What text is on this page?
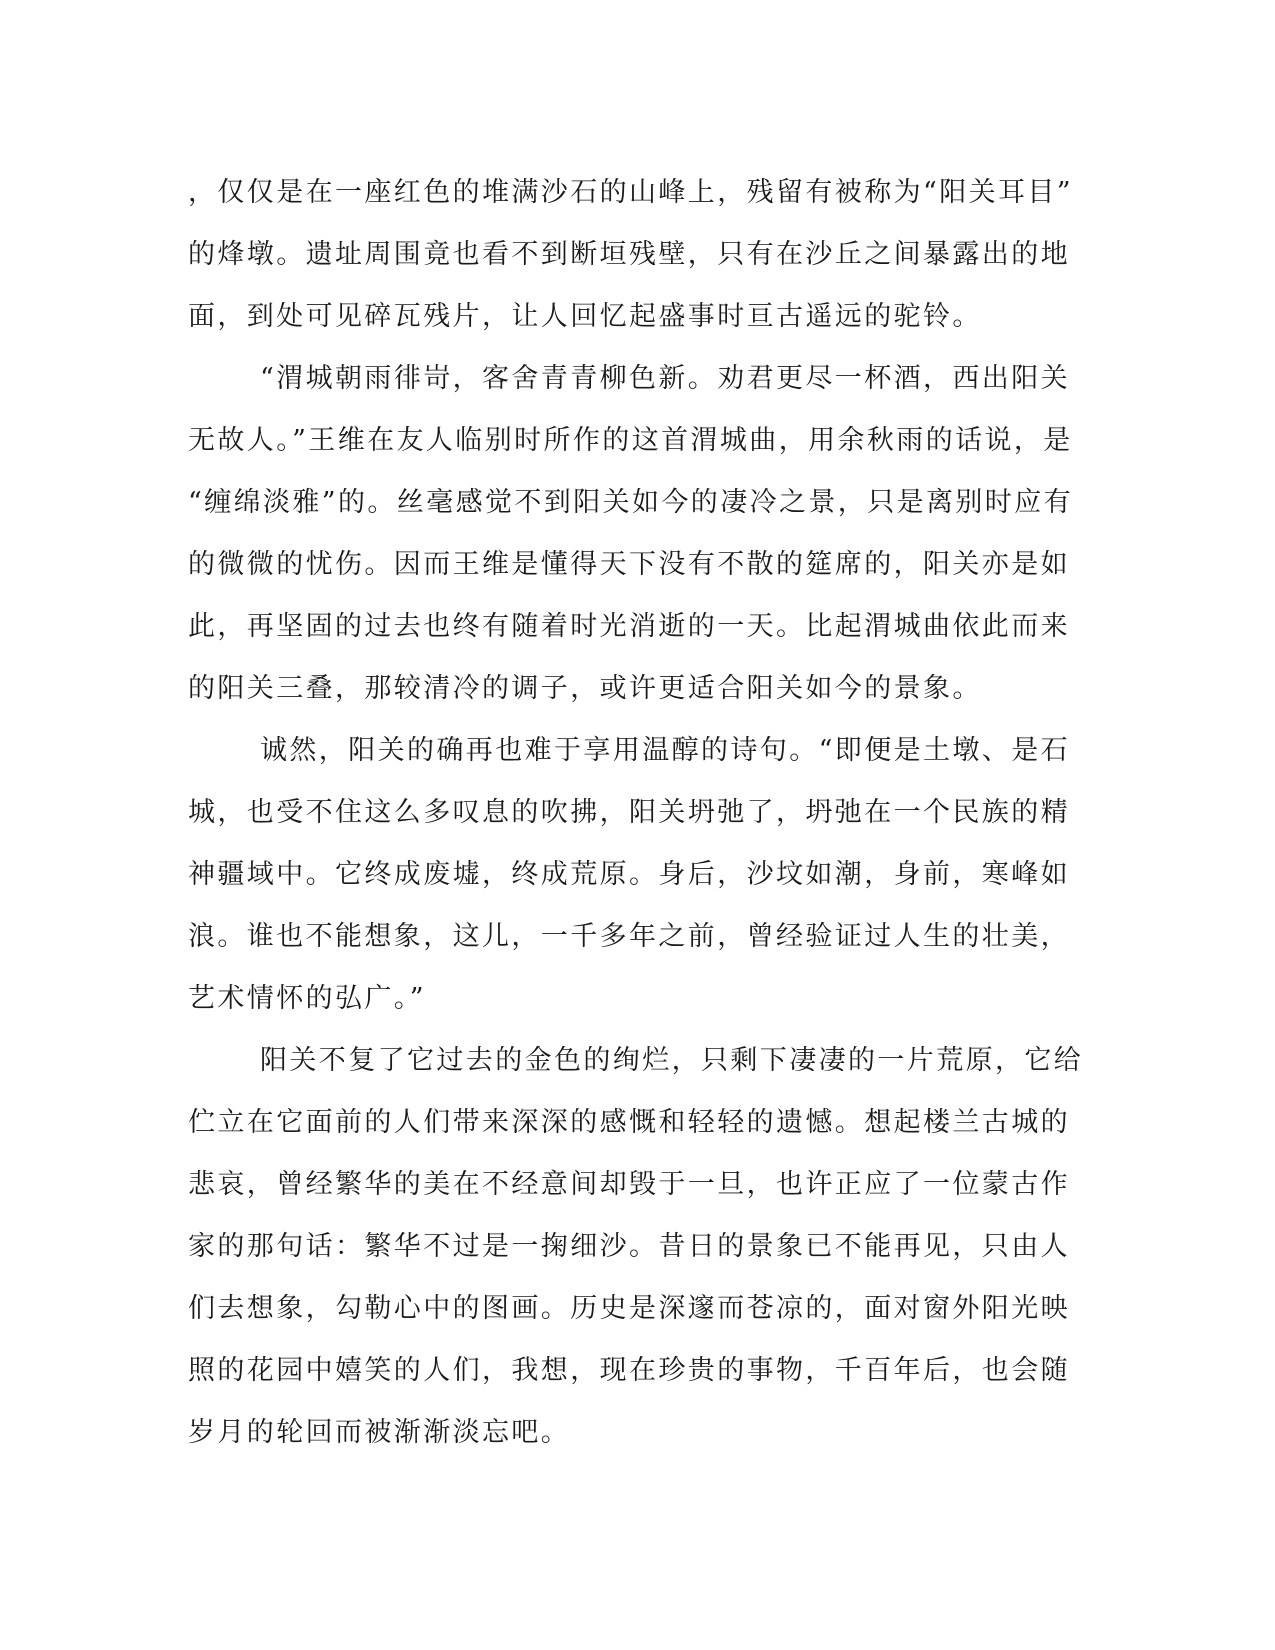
，仅仅是在一座红色的堆满沙石的山峰上，残留有被称为“阳关耳目”
的烽墩。遗址周围竟也看不到断垣残壁，只有在沙丘之间暴露出的地
面，到处可见碎瓦残片，让人回忆起盛事时亘古遥远的驼铃。
“渭城朝雨徘岢，客舍青青柳色新。劝君更尽一杯酒，西出阳关
无故人。”王维在友人临别时所作的这首渭城曲，用余秋雨的话说，是
“缠绵淡雅”的。丝毫感觉不到阳关如今的凄冷之景，只是离别时应有
的微微的忧伤。因而王维是懂得天下没有不散的筵席的，阳关亦是如
此，再坚固的过去也终有随着时光消逝的一天。比起渭城曲依此而来
的阳关三叠，那较清冷的调子，或许更适合阳关如今的景象。
诚然，阳关的确再也难于享用温醇的诗句。“即便是土墩、是石
城，也受不住这么多叹息的吹拂，阳关坍弛了，坍弛在一个民族的精
神疆域中。它终成废墟，终成荒原。身后，沙坟如潮，身前，寒峰如
浪。谁也不能想象，这儿，一千多年之前，曾经验证过人生的壮美，
艺术情怀的弘广。”
阳关不复了它过去的金色的绚烂，只剩下凄凄的一片荒原，它给
伫立在它面前的人们带来深深的感慨和轻轻的遗憾。想起楼兰古城的
悲哀，曾经繁华的美在不经意间却毁于一旦，也许正应了一位蒙古作
家的那句话：繁华不过是一掬细沙。昔日的景象已不能再见，只由人
们去想象，勾勒心中的图画。历史是深邃而苍凉的，面对窗外阳光映
照的花园中嬉笑的人们，我想，现在珍贵的事物，千百年后，也会随
岁月的轮回而被渐渐淡忘吧。
